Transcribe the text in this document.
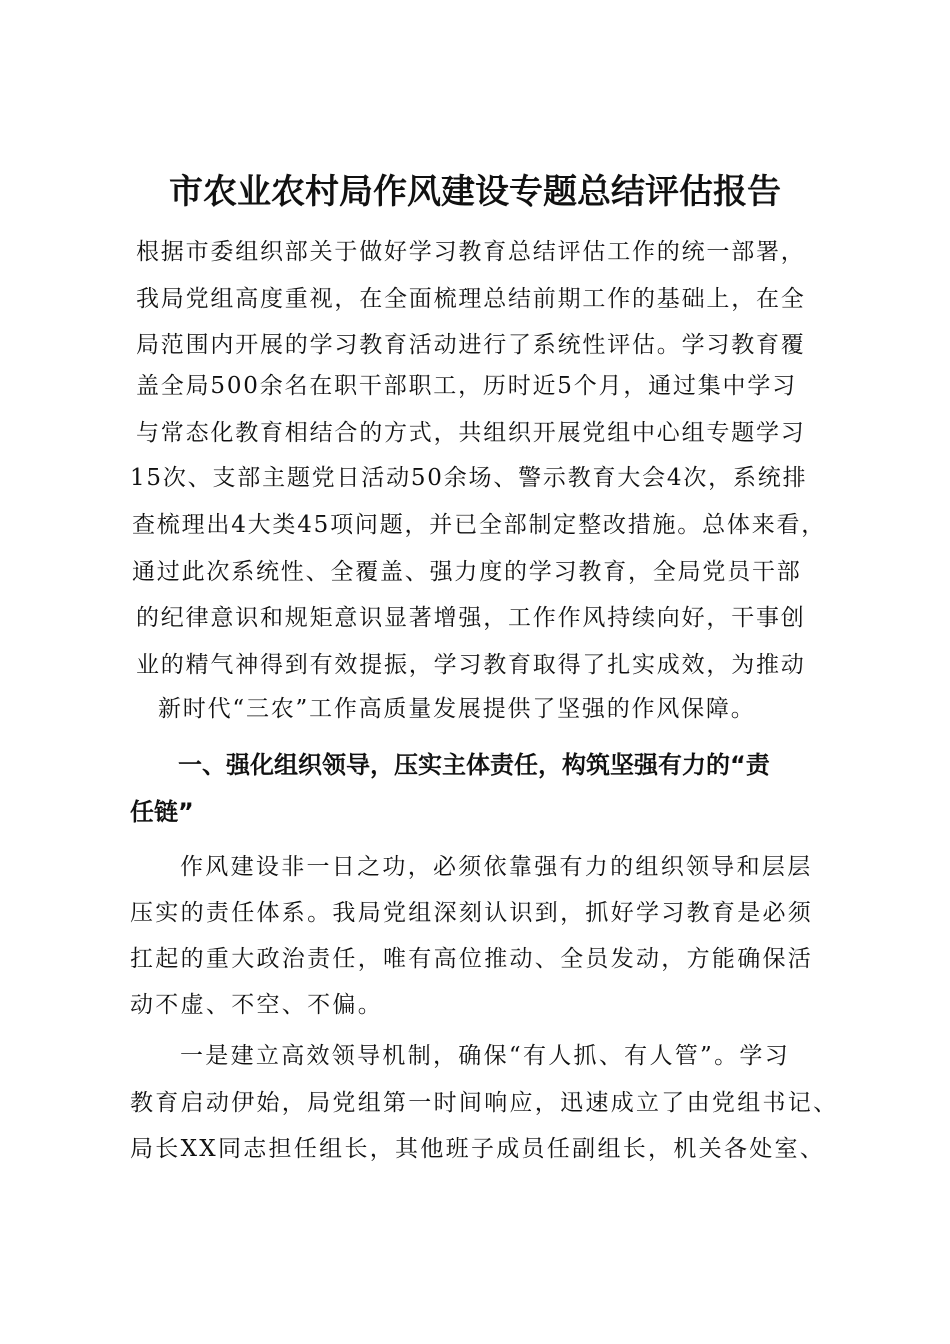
市农业农村局作风建设专题总结评估报告
根据市委组织部关于做好学习教育总结评估工作的统一部署，
我局党组高度重视，在全面梳理总结前期工作的基础上，在全
局范围内开展的学习教育活动进行了系统性评估。学习教育覆
盖全局500余名在职干部职工，历时近5个月，通过集中学习
与常态化教育相结合的方式，共组织开展党组中心组专题学习
15次、支部主题党日活动50余场、警示教育大会4次，系统排
查梳理出4大类45项问题，并已全部制定整改措施。总体来看，
通过此次系统性、全覆盖、强力度的学习教育，全局党员干部
的纪律意识和规矩意识显著增强，工作作风持续向好，干事创
业的精气神得到有效提振，学习教育取得了扎实成效，为推动
新时代“三农”工作高质量发展提供了坚强的作风保障。
一、强化组织领导，压实主体责任，构筑坚强有力的“责
任链”
作风建设非一日之功，必须依靠强有力的组织领导和层层
压实的责任体系。我局党组深刻认识到，抓好学习教育是必须
扛起的重大政治责任，唯有高位推动、全员发动，方能确保活
动不虚、不空、不偏。
一是建立高效领导机制，确保“有人抓、有人管”。学习
教育启动伊始，局党组第一时间响应，迅速成立了由党组书记、
局长XX同志担任组长，其他班子成员任副组长，机关各处室、
